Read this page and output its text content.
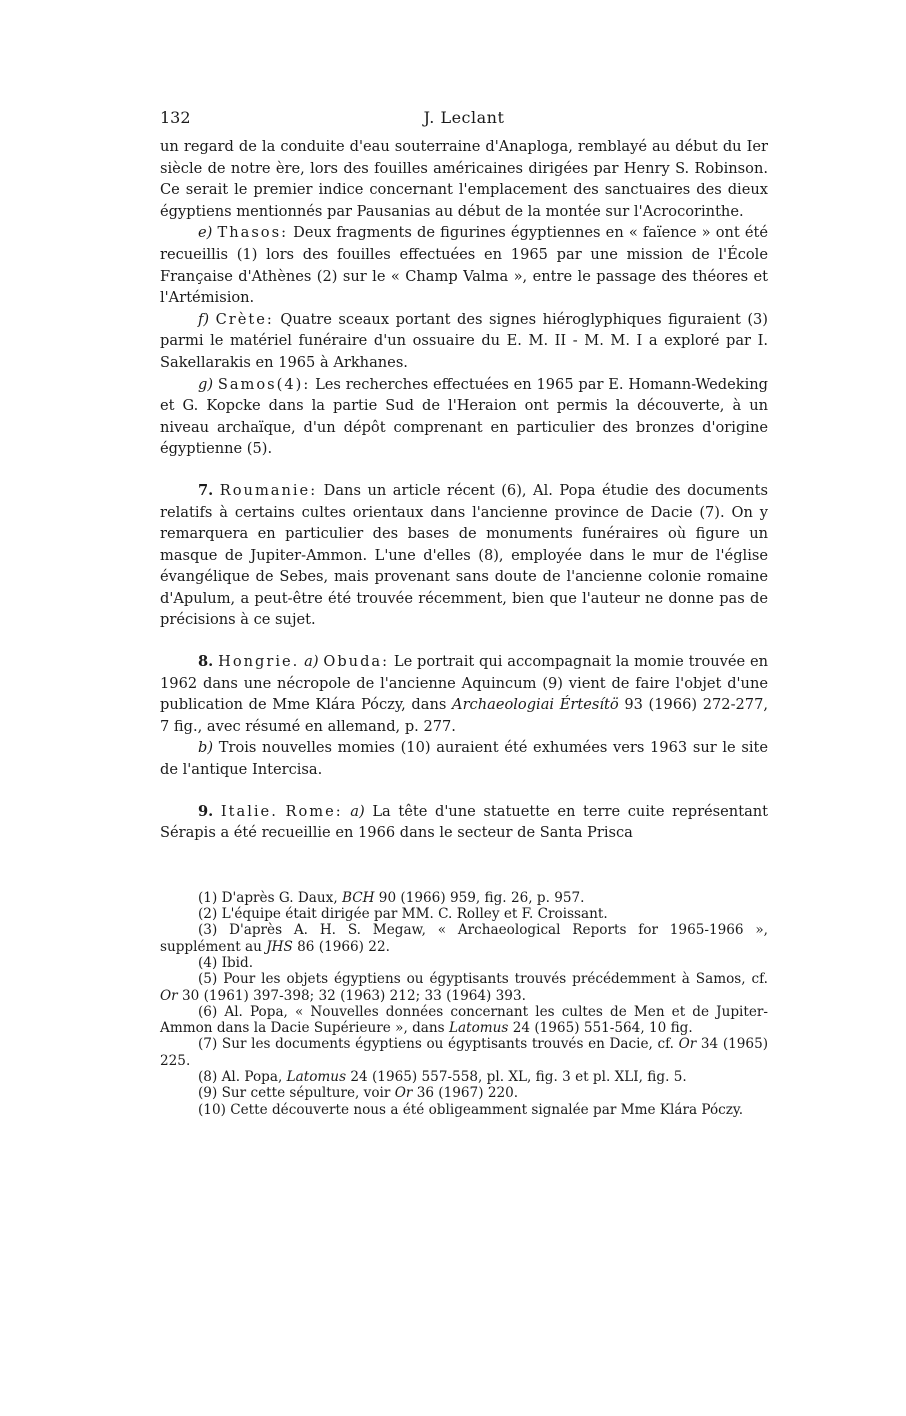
132	J. Leclant

un regard de la conduite d'eau souterraine d'Anaploga, remblayé au début du Ier siècle de notre ère, lors des fouilles américaines dirigées par Henry S. Robinson. Ce serait le premier indice concernant l'emplacement des sanctuaires des dieux égyptiens mentionnés par Pausanias au début de la montée sur l'Acrocorinthe.

e) Thasos: Deux fragments de figurines égyptiennes en « faïence » ont été recueillis (1) lors des fouilles effectuées en 1965 par une mission de l'École Française d'Athènes (2) sur le « Champ Valma », entre le passage des théores et l'Artémision.

f) Crète: Quatre sceaux portant des signes hiéroglyphiques figuraient (3) parmi le matériel funéraire d'un ossuaire du E. M. II - M. M. I a exploré par I. Sakellarakis en 1965 à Arkhanes.

g) Samos(4): Les recherches effectuées en 1965 par E. Homann-Wedeking et G. Kopcke dans la partie Sud de l'Heraion ont permis la découverte, à un niveau archaïque, d'un dépôt comprenant en particulier des bronzes d'origine égyptienne (5).

7. Roumanie: Dans un article récent (6), Al. Popa étudie des documents relatifs à certains cultes orientaux dans l'ancienne province de Dacie (7). On y remarquera en particulier des bases de monuments funéraires où figure un masque de Jupiter-Ammon. L'une d'elles (8), employée dans le mur de l'église évangélique de Sebes, mais provenant sans doute de l'ancienne colonie romaine d'Apulum, a peut-être été trouvée récemment, bien que l'auteur ne donne pas de précisions à ce sujet.

8. Hongrie. a) Obuda: Le portrait qui accompagnait la momie trouvée en 1962 dans une nécropole de l'ancienne Aquincum (9) vient de faire l'objet d'une publication de Mme Klára Póczy, dans Archaeologiai Értesítö 93 (1966) 272-277, 7 fig., avec résumé en allemand, p. 277.

b) Trois nouvelles momies (10) auraient été exhumées vers 1963 sur le site de l'antique Intercisa.

9. Italie. Rome: a) La tête d'une statuette en terre cuite représentant Sérapis a été recueillie en 1966 dans le secteur de Santa Prisca

(1) D'après G. Daux, BCH 90 (1966) 959, fig. 26, p. 957.

(2) L'équipe était dirigée par MM. C. Rolley et F. Croissant.

(3) D'après A. H. S. Megaw, « Archaeological Reports for 1965-1966 », supplément au JHS 86 (1966) 22.

(4) Ibid.

(5) Pour les objets égyptiens ou égyptisants trouvés précédemment à Samos, cf. Or 30 (1961) 397-398; 32 (1963) 212; 33 (1964) 393.

(6) Al. Popa, « Nouvelles données concernant les cultes de Men et de Jupiter-Ammon dans la Dacie Supérieure », dans Latomus 24 (1965) 551-564, 10 fig.

(7) Sur les documents égyptiens ou égyptisants trouvés en Dacie, cf. Or 34 (1965) 225.

(8) Al. Popa, Latomus 24 (1965) 557-558, pl. XL, fig. 3 et pl. XLI, fig. 5.

(9) Sur cette sépulture, voir Or 36 (1967) 220.

(10) Cette découverte nous a été obligeamment signalée par Mme Klára Póczy.
